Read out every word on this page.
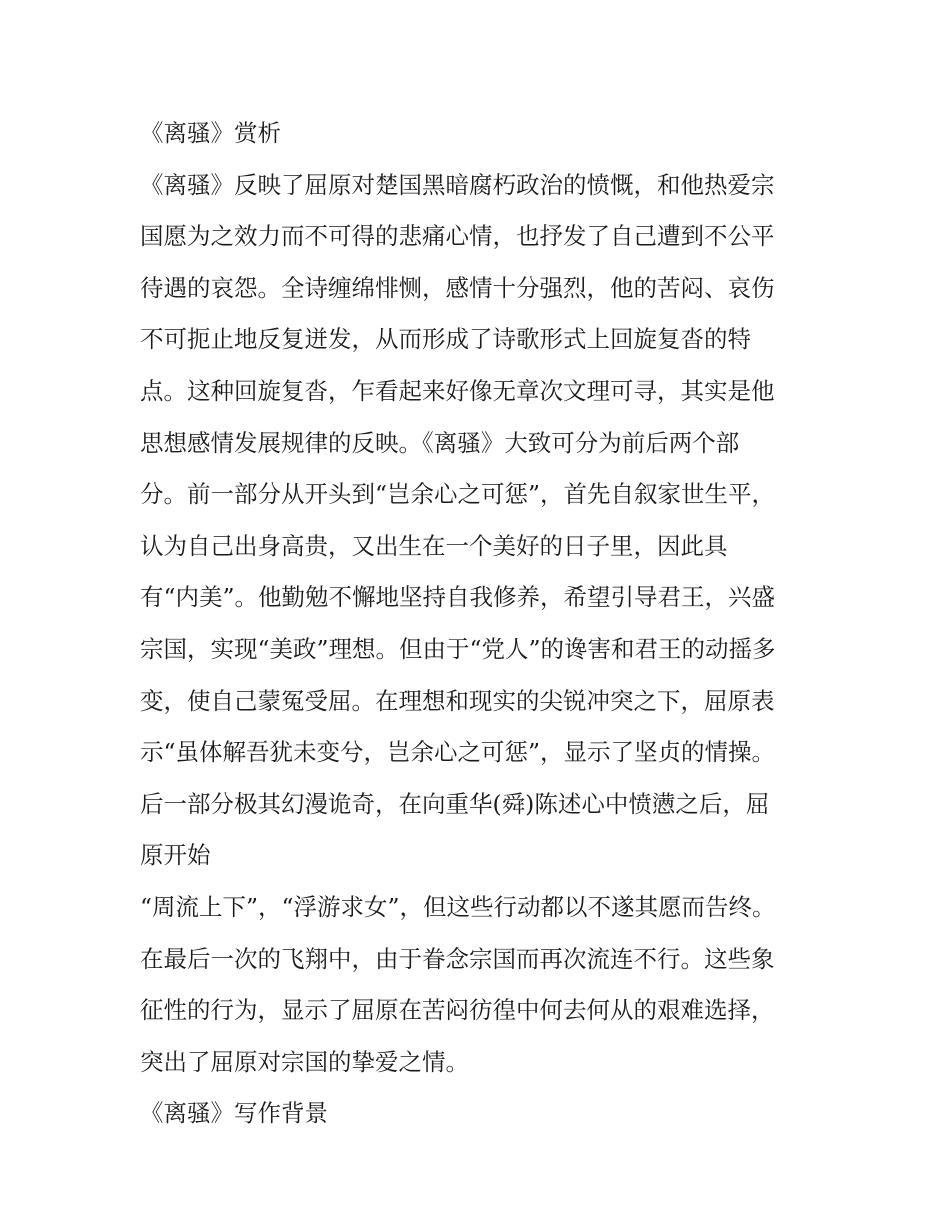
《离骚》赏析
《离骚》反映了屈原对楚国黑暗腐朽政治的愤慨，和他热爱宗
国愿为之效力而不可得的悲痛心情，也抒发了自己遭到不公平
待遇的哀怨。全诗缠绵悱恻，感情十分强烈，他的苦闷、哀伤
不可扼止地反复迸发，从而形成了诗歌形式上回旋复沓的特
点。这种回旋复沓，乍看起来好像无章次文理可寻，其实是他
思想感情发展规律的反映。《离骚》大致可分为前后两个部
分。前一部分从开头到“岂余心之可惩”，首先自叙家世生平，
认为自己出身高贵，又出生在一个美好的日子里，因此具
有“内美”。他勤勉不懈地坚持自我修养，希望引导君王，兴盛
宗国，实现“美政”理想。但由于“党人”的谗害和君王的动摇多
变，使自己蒙冤受屈。在理想和现实的尖锐冲突之下，屈原表
示“虽体解吾犹未变兮，岂余心之可惩”，显示了坚贞的情操。
后一部分极其幻漫诡奇，在向重华(舜)陈述心中愤懑之后，屈
原开始
“周流上下”，“浮游求女”，但这些行动都以不遂其愿而告终。
在最后一次的飞翔中，由于眷念宗国而再次流连不行。这些象
征性的行为，显示了屈原在苦闷彷徨中何去何从的艰难选择，
突出了屈原对宗国的挚爱之情。
《离骚》写作背景
